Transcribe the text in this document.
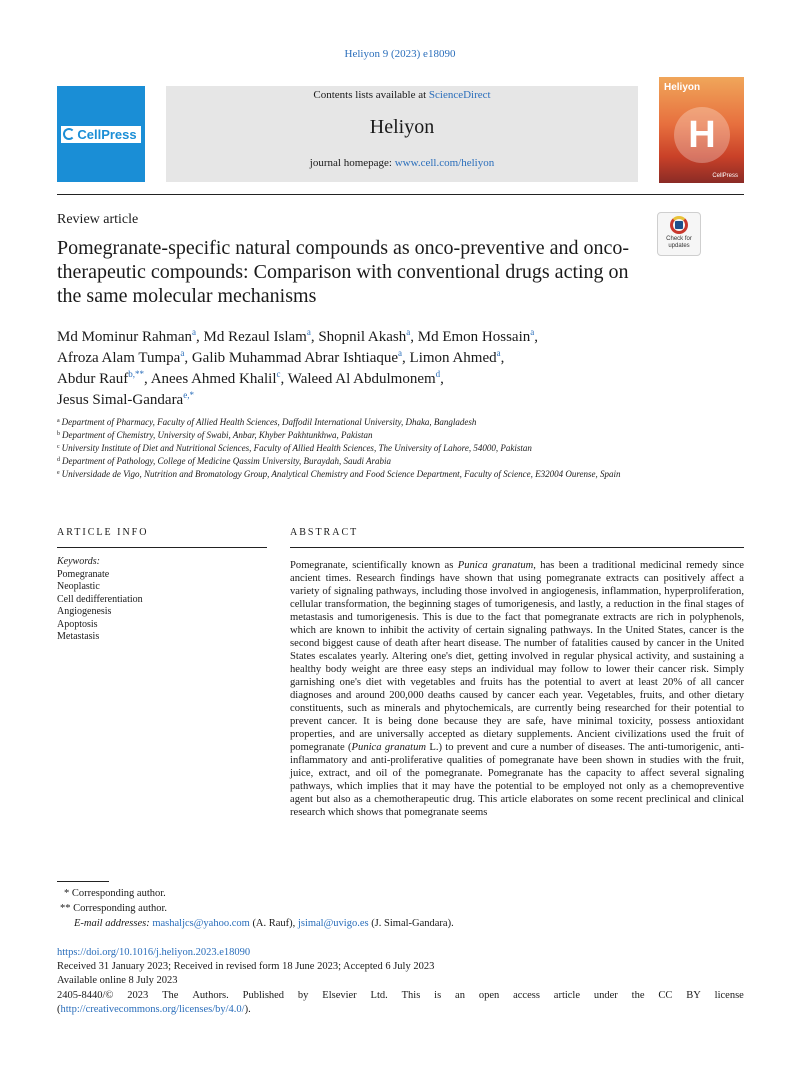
Heliyon 9 (2023) e18090
CellPress
Contents lists available at ScienceDirect
Heliyon
journal homepage: www.cell.com/heliyon
Heliyon
H
CellPress
Review article
Check for
updates
Pomegranate-specific natural compounds as onco-preventive and onco-therapeutic compounds: Comparison with conventional drugs acting on the same molecular mechanisms
Md Mominur Rahman$^a$, Md Rezaul Islam$^a$, Shopnil Akash$^a$, Md Emon Hossain$^a$,
Afroza Alam Tumpa$^a$, Galib Muhammad Abrar Ishtiaque$^a$, Limon Ahmed$^a$,
Abdur Rauf$^{b,**}$, Anees Ahmed Khalil$^c$, Waleed Al Abdulmonem$^d$,
Jesus Simal-Gandara$^{e,*}$
$^a$ Department of Pharmacy, Faculty of Allied Health Sciences, Daffodil International University, Dhaka, Bangladesh
$^b$ Department of Chemistry, University of Swabi, Anbar, Khyber Pakhtunkhwa, Pakistan
$^c$ University Institute of Diet and Nutritional Sciences, Faculty of Allied Health Sciences, The University of Lahore, 54000, Pakistan
$^d$ Department of Pathology, College of Medicine Qassim University, Buraydah, Saudi Arabia
$^e$ Universidade de Vigo, Nutrition and Bromatology Group, Analytical Chemistry and Food Science Department, Faculty of Science, E32004 Ourense, Spain
ARTICLE INFO	ABSTRACT
Keywords:
Pomegranate
Neoplastic
Cell dedifferentiation
Angiogenesis
Apoptosis
Metastasis
Pomegranate, scientifically known as Punica granatum, has been a traditional medicinal remedy since ancient times. Research findings have shown that using pomegranate extracts can positively affect a variety of signaling pathways, including those involved in angiogenesis, inflammation, hyperproliferation, cellular transformation, the beginning stages of tumorigenesis, and lastly, a reduction in the final stages of metastasis and tumorigenesis. This is due to the fact that pomegranate extracts are rich in polyphenols, which are known to inhibit the activity of certain signaling pathways. In the United States, cancer is the second biggest cause of death after heart disease. The number of fatalities caused by cancer in the United States escalates yearly. Altering one's diet, getting involved in regular physical activity, and sustaining a healthy body weight are three easy steps an individual may follow to lower their cancer risk. Simply garnishing one's diet with vegetables and fruits has the potential to avert at least 20% of all cancer diagnoses and around 200,000 deaths caused by cancer each year. Vegetables, fruits, and other dietary constituents, such as minerals and phytochemicals, are currently being researched for their potential to prevent cancer. It is being done because they are safe, have minimal toxicity, possess antioxidant properties, and are universally accepted as dietary supplements. Ancient civilizations used the fruit of pomegranate (Punica granatum L.) to prevent and cure a number of diseases. The anti-tumorigenic, anti-inflammatory and anti-proliferative qualities of pomegranate have been shown in studies with the fruit, juice, extract, and oil of the pomegranate. Pomegranate has the capacity to affect several signaling pathways, which implies that it may have the potential to be employed not only as a chemopreventive agent but also as a chemotherapeutic drug. This article elaborates on some recent preclinical and clinical research which shows that pomegranate seems
* Corresponding author.
** Corresponding author.
E-mail addresses: mashaljcs@yahoo.com (A. Rauf), jsimal@uvigo.es (J. Simal-Gandara).
https://doi.org/10.1016/j.heliyon.2023.e18090
Received 31 January 2023; Received in revised form 18 June 2023; Accepted 6 July 2023
Available online 8 July 2023
2405-8440/© 2023 The Authors. Published by Elsevier Ltd. This is an open access article under the CC BY license
(http://creativecommons.org/licenses/by/4.0/).
